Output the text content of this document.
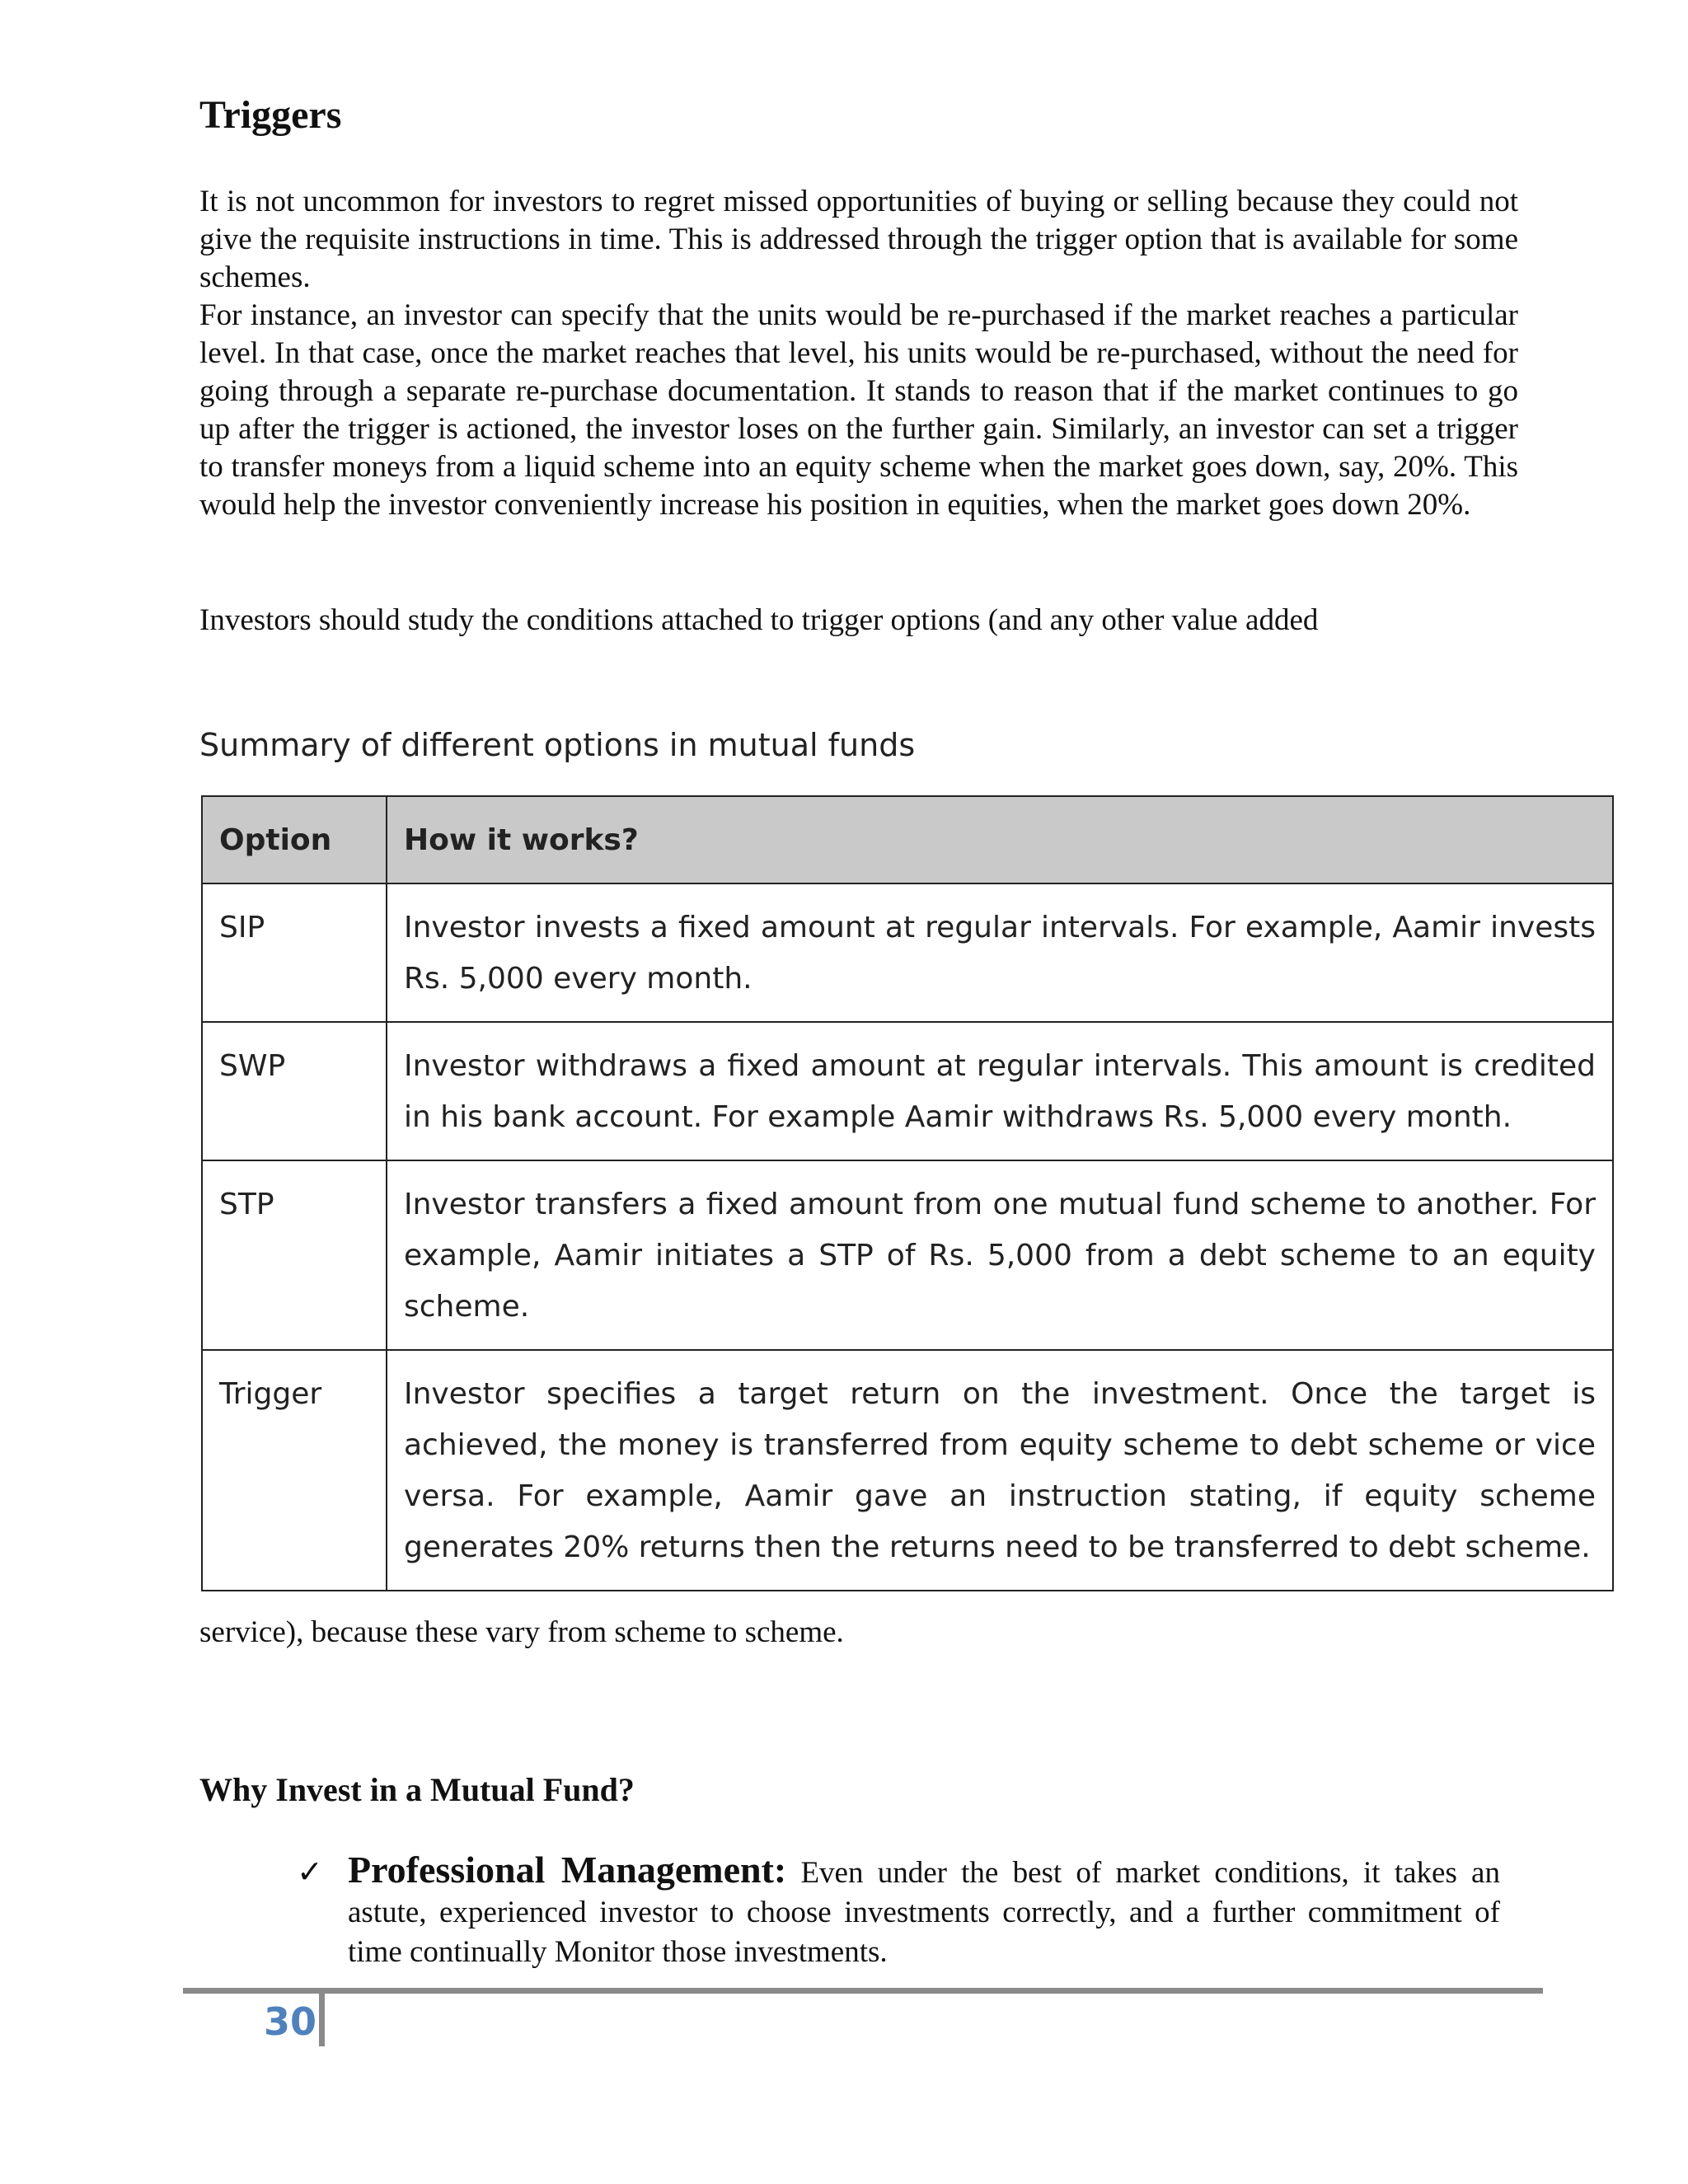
Triggers

It is not uncommon for investors to regret missed opportunities of buying or selling because they could not give the requisite instructions in time. This is addressed through the trigger option that is available for some schemes.

For instance, an investor can specify that the units would be re-purchased if the market reaches a particular level. In that case, once the market reaches that level, his units would be re-purchased, without the need for going through a separate re-purchase documentation. It stands to reason that if the market continues to go up after the trigger is actioned, the investor loses on the further gain. Similarly, an investor can set a trigger to transfer moneys from a liquid scheme into an equity scheme when the market goes down, say, 20%. This would help the investor conveniently increase his position in equities, when the market goes down 20%.

Investors should study the conditions attached to trigger options (and any other value added

Summary of different options in mutual funds

Option	How it works?
SIP	Investor invests a fixed amount at regular intervals. For example, Aamir invests Rs. 5,000 every month.
SWP	Investor withdraws a fixed amount at regular intervals. This amount is credited in his bank account. For example Aamir withdraws Rs. 5,000 every month.
STP	Investor transfers a fixed amount from one mutual fund scheme to another. For example, Aamir initiates a STP of Rs. 5,000 from a debt scheme to an equity scheme.
Trigger	Investor specifies a target return on the investment. Once the target is achieved, the money is transferred from equity scheme to debt scheme or vice versa. For example, Aamir gave an instruction stating, if equity scheme generates 20% returns then the returns need to be transferred to debt scheme.

service), because these vary from scheme to scheme.

Why Invest in a Mutual Fund?
✓ Professional Management: Even under the best of market conditions, it takes an astute, experienced investor to choose investments correctly, and a further commitment of time continually Monitor those investments.
30
